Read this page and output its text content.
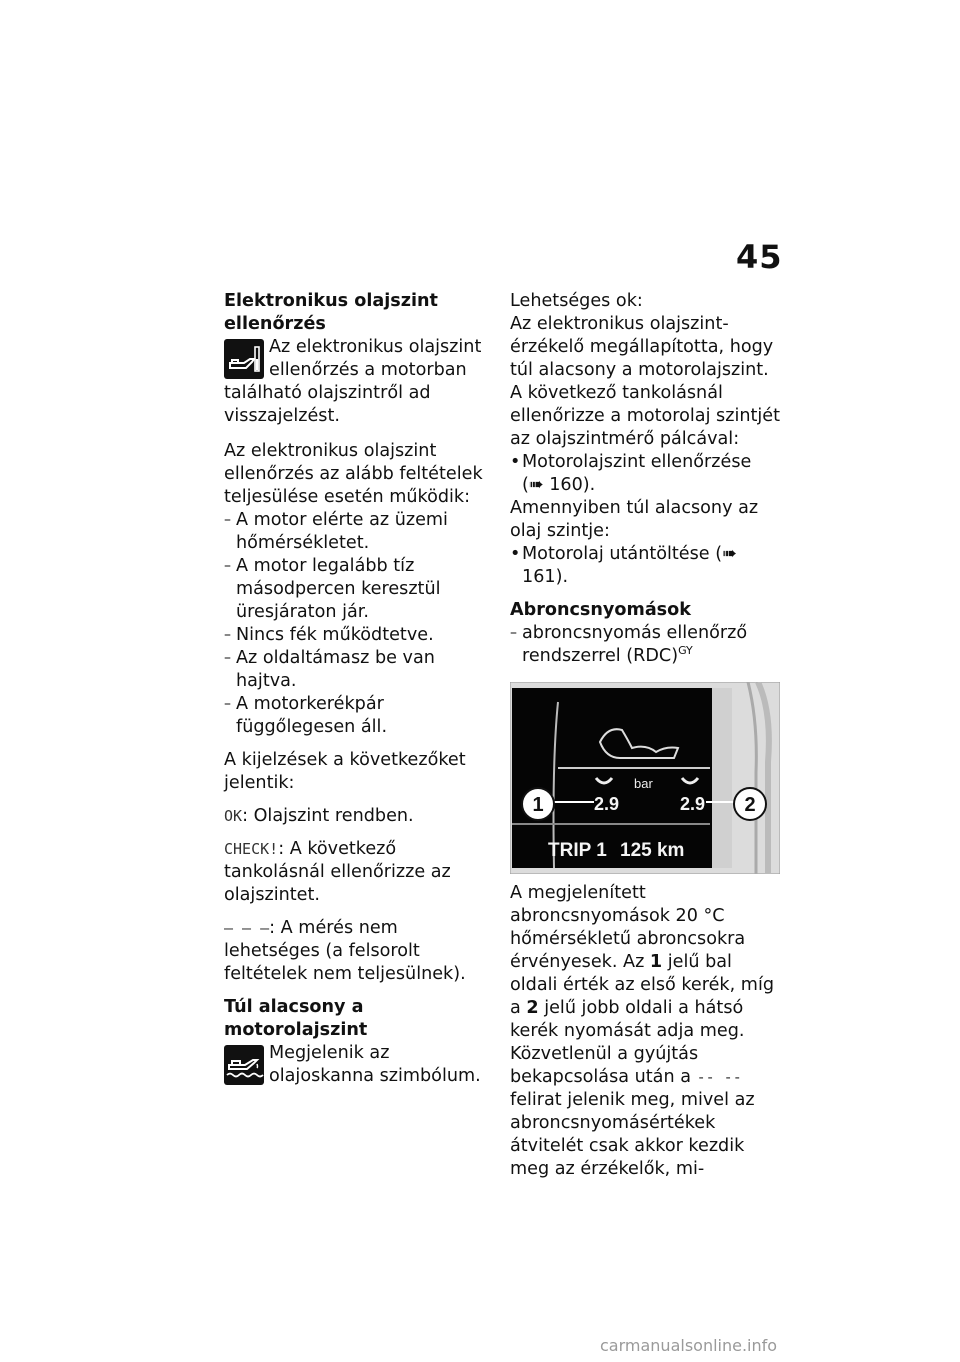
45

Elektronikus olajszint ellenőrzés

Az elektronikus olajszint ellenőrzés a motorban található olajszintről ad visszajelzést.

Az elektronikus olajszint ellenőrzés az alább feltételek teljesülése esetén működik:

– A motor elérte az üzemi hőmérsékletet.
– A motor legalább tíz másodpercen keresztül üresjáraton jár.
– Nincs fék működtetve.
– Az oldaltámasz be van hajtva.
– A motorkerékpár függőlegesen áll.

A kijelzések a következőket jelentik:

OK: Olajszint rendben.

CHECK!: A következő tankolásnál ellenőrizze az olajszintet.

– – –: A mérés nem lehetséges (a felsorolt feltételek nem teljesülnek).

Túl alacsony a motorolajszint

Megjelenik az olajoskanna szimbólum.

Lehetséges ok:

Az elektronikus olajszint-érzékelő megállapította, hogy túl alacsony a motorolajszint. A következő tankolásnál ellenőrizze a motorolaj szintjét az olajszintmérő pálcával:

• Motorolajszint ellenőrzése
(➠ 160).

Amennyiben túl alacsony az olaj szintje:

• Motorolaj utántöltése (➠ 161).

Abroncsnyomások

– abroncsnyomás ellenőrző rendszerrel (RDC)$^{GY}$
bar
2.9	2.9
1	2
TRIP 1 125 km

A megjelenített abroncsnyomások 20 °C hőmérsékletű abroncsokra érvényesek. Az 1 jelű bal oldali érték az első kerék, míg a 2 jelű jobb oldali a hátsó kerék nyomását adja meg. Közvetlenül a gyújtás bekapcsolása után a -- -- felirat jelenik meg, mivel az abroncsnyomásértékek átvitelét csak akkor kezdik meg az érzékelők, mi-

carmanualsonline.info
